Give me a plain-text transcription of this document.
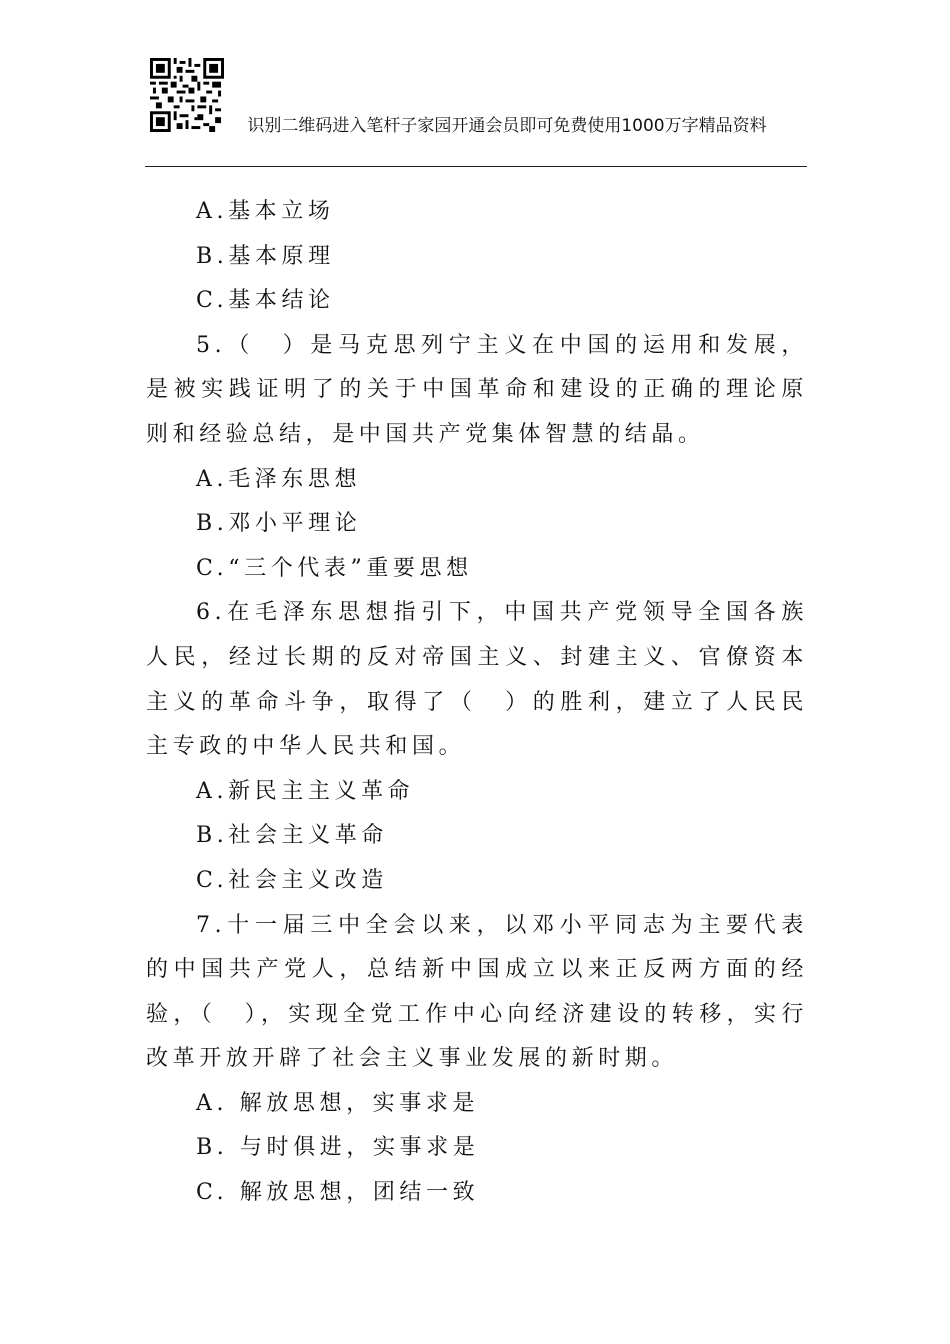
识别二维码进入笔杆子家园开通会员即可免费使用1000万字精品资料

A.基本立场

B.基本原理

C.基本结论

5.（　）是马克思列宁主义在中国的运用和发展，是被实践证明了的关于中国革命和建设的正确的理论原则和经验总结，是中国共产党集体智慧的结晶。

A.毛泽东思想

B.邓小平理论

C.“三个代表”重要思想

6.在毛泽东思想指引下，中国共产党领导全国各族人民，经过长期的反对帝国主义、封建主义、官僚资本主义的革命斗争，取得了（　）的胜利，建立了人民民主专政的中华人民共和国。

A.新民主主义革命

B.社会主义革命

C.社会主义改造

7.十一届三中全会以来，以邓小平同志为主要代表的中国共产党人，总结新中国成立以来正反两方面的经验，（　），实现全党工作中心向经济建设的转移，实行改革开放开辟了社会主义事业发展的新时期。

A. 解放思想，实事求是

B. 与时俱进，实事求是

C. 解放思想，团结一致
